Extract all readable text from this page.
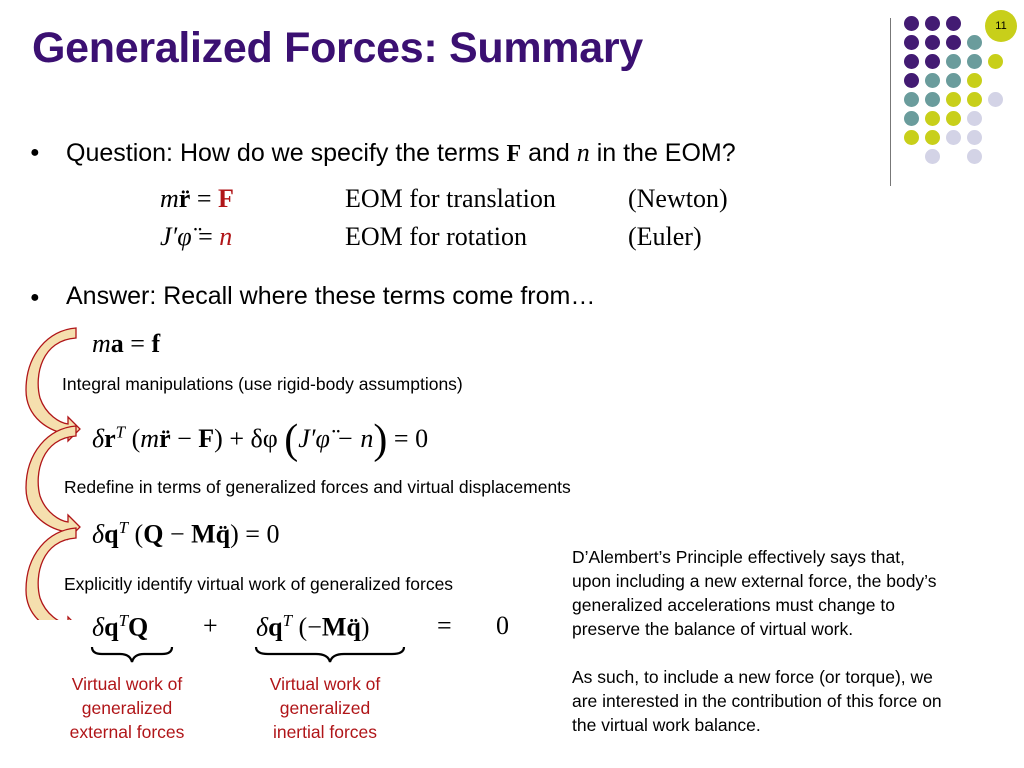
Generalized Forces: Summary	11
● Question: How do we specify the terms F and n in the EOM?
mr̈ = F	EOM for translation	(Newton)
J′φ̈ = n	EOM for rotation	(Euler)
● Answer: Recall where these terms come from…
ma = f
Integral manipulations (use rigid-body assumptions)
$\delta r^T$ (mr̈ − F) + δφ (J′φ̈ − n) = 0
Redefine in terms of generalized forces and virtual displacements
$\delta q^T$ (Q − Mq̈) = 0
Explicitly identify virtual work of generalized forces
$\delta q^TQ + \delta q^T$ (−Mq̈)	= 0
Virtual work of
generalized
external forces
Virtual work of
generalized
inertial forces
D’Alembert’s Principle effectively says that,
upon including a new external force, the body’s
generalized accelerations must change to
preserve the balance of virtual work.
As such, to include a new force (or torque), we
are interested in the contribution of this force on
the virtual work balance.
